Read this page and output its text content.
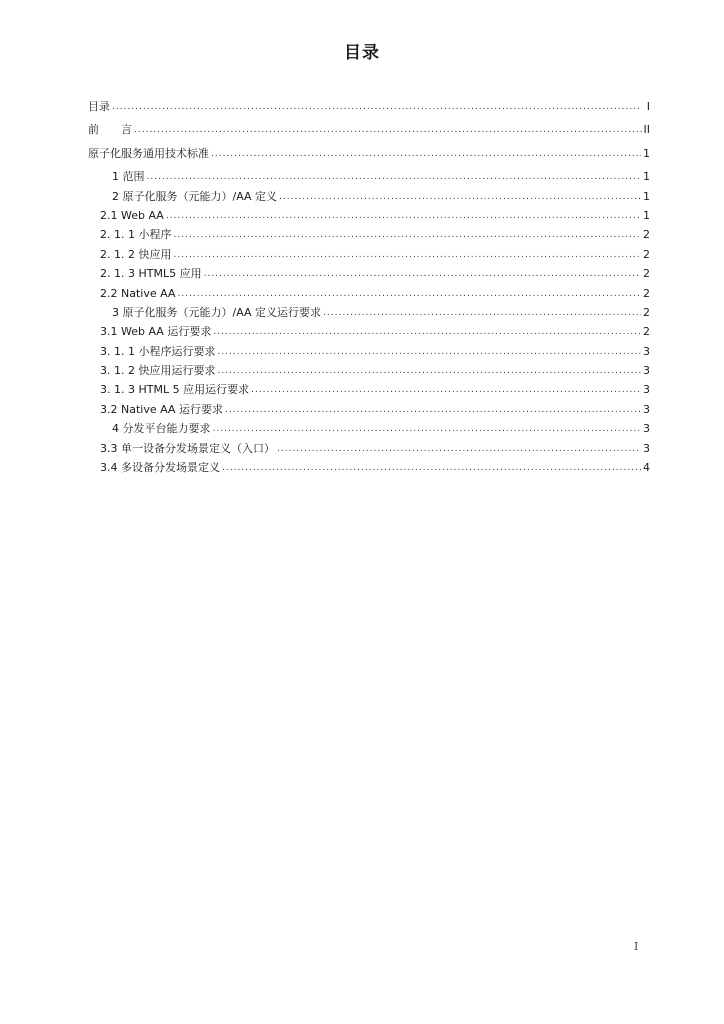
目录
目录 .....	I
前　　言 .....	II
原子化服务通用技术标准 .....	1
1 范围 .....	1
2 原子化服务（元能力）/AA 定义 .....	1
2.1 Web AA .....	1
2. 1. 1 小程序 .....	2
2. 1. 2 快应用 .....	2
2. 1. 3 HTML5 应用 .....	2
2.2 Native AA .....	2
3 原子化服务（元能力）/AA 定义运行要求 .....	2
3.1 Web AA 运行要求 .....	2
3. 1. 1 小程序运行要求 .....	3
3. 1. 2 快应用运行要求 .....	3
3. 1. 3 HTML 5 应用运行要求 .....	3
3.2 Native AA 运行要求 .....	3
4 分发平台能力要求 .....	3
3.3 单一设备分发场景定义（入口） .....	3
3.4 多设备分发场景定义 .....	4
I
